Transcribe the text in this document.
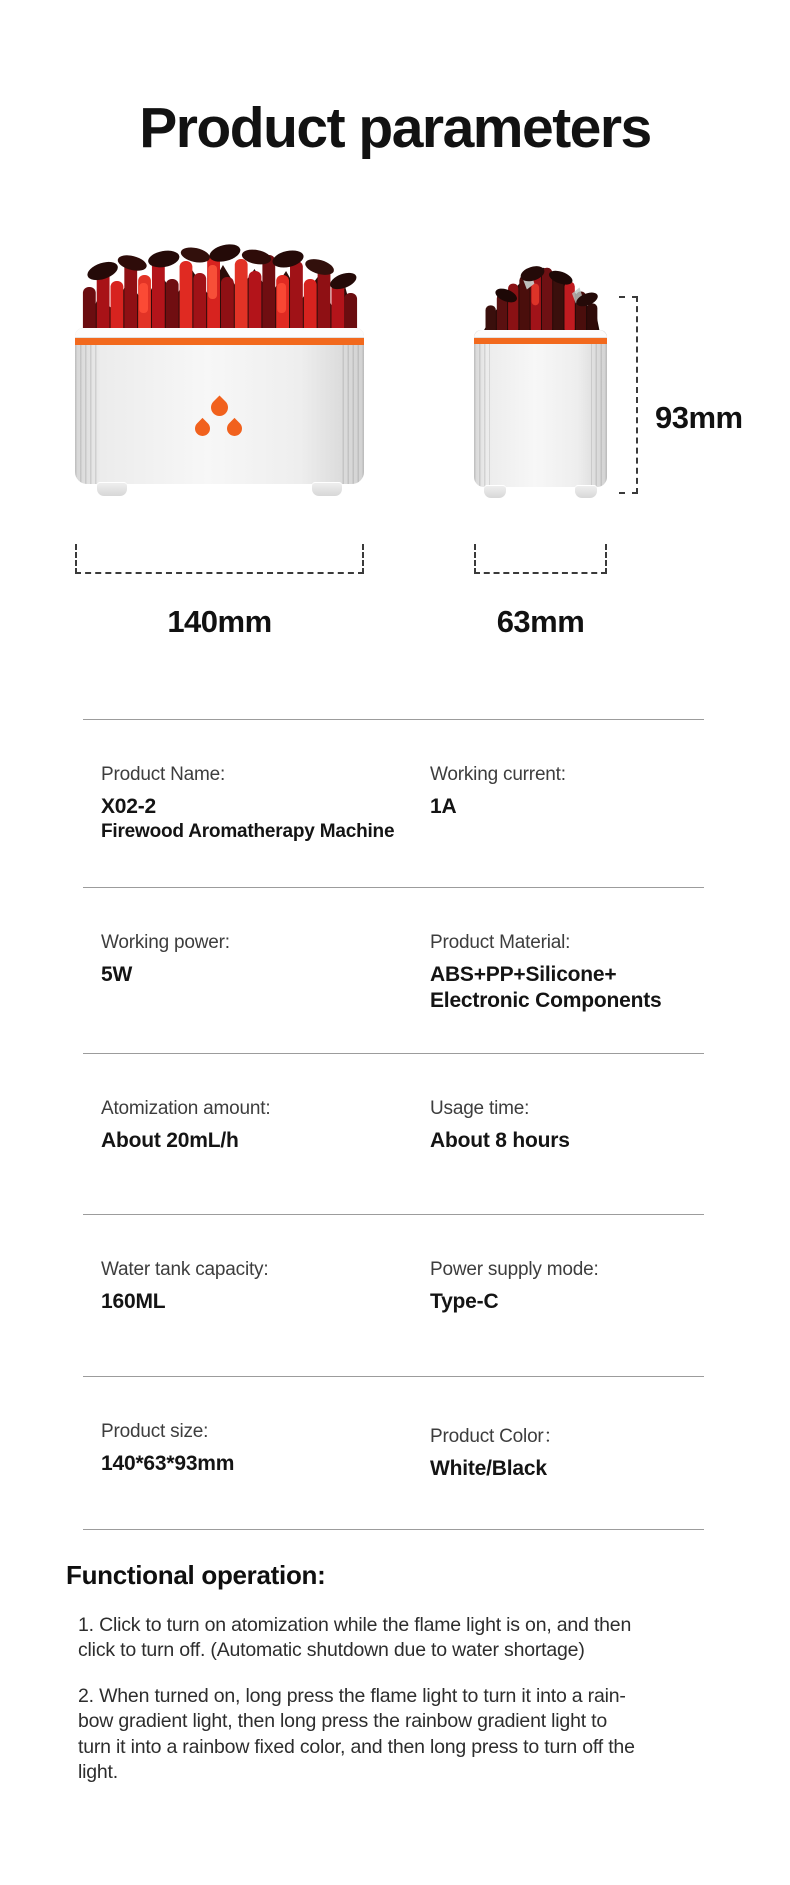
Product parameters
140mm	63mm
93mm
Product Name:
X02-2
Firewood Aromatherapy Machine
Working current:
1A
Working power:
5W
Product Material:
ABS+PP+Silicone+
Electronic Components
Atomization amount:
About 20mL/h
Usage time:
About 8 hours
Water tank capacity:
160ML
Power supply mode:
Type-C
Product size:
140*63*93mm
Product Color：
White/Black
Functional operation:
1. Click to turn on atomization while the flame light is on, and then
click to turn off. (Automatic shutdown due to water shortage)
2. When turned on, long press the flame light to turn it into a rain-
bow gradient light, then long press the rainbow gradient light to
turn it into a rainbow fixed color, and then long press to turn off the
light.
